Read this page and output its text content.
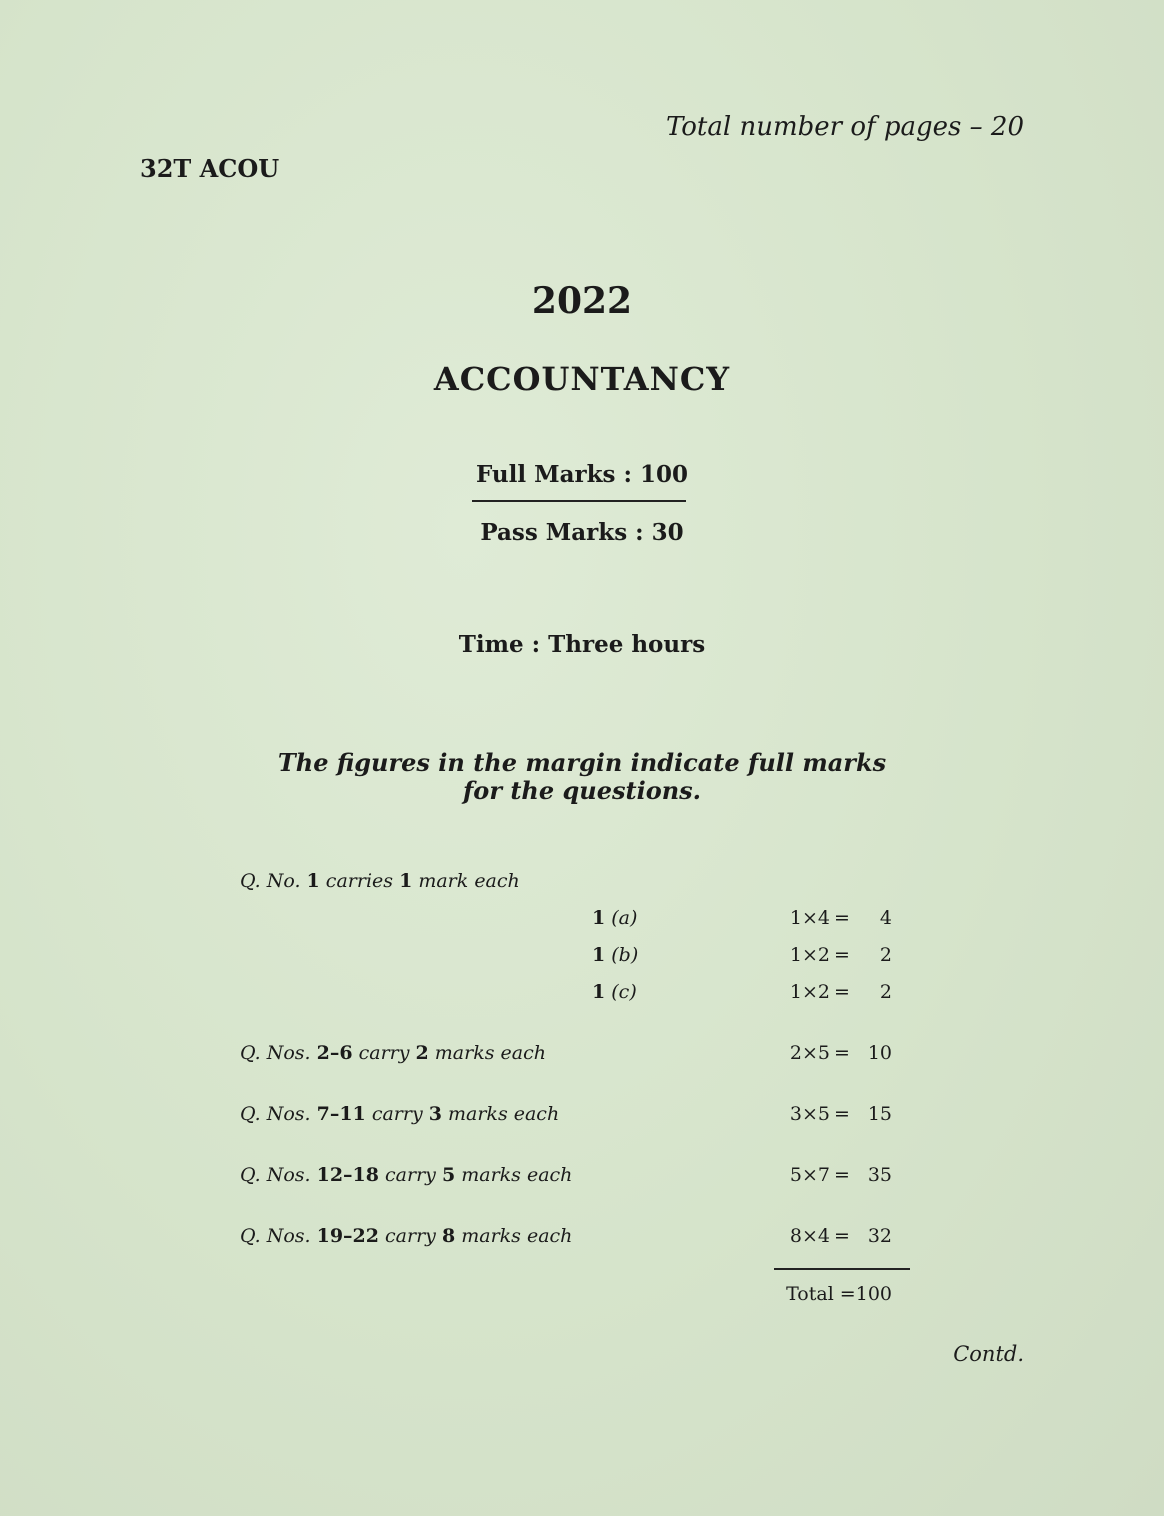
Total number of pages – 20
32T ACOU
2022
ACCOUNTANCY
Full Marks : 100
Pass Marks : 30
Time : Three hours
The figures in the margin indicate full marks
for the questions.
Q. No. 1 carries 1 mark each
1 (a)	1×4 =	4
1 (b)	1×2 =	2
1 (c)	1×2 =	2
Q. Nos. 2–6 carry 2 marks each	2×5 = 10
Q. Nos. 7–11 carry 3 marks each	3×5 = 15
Q. Nos. 12–18 carry 5 marks each	5×7 = 35
Q. Nos. 19–22 carry 8 marks each	8×4 = 32
Total =100
Contd.
